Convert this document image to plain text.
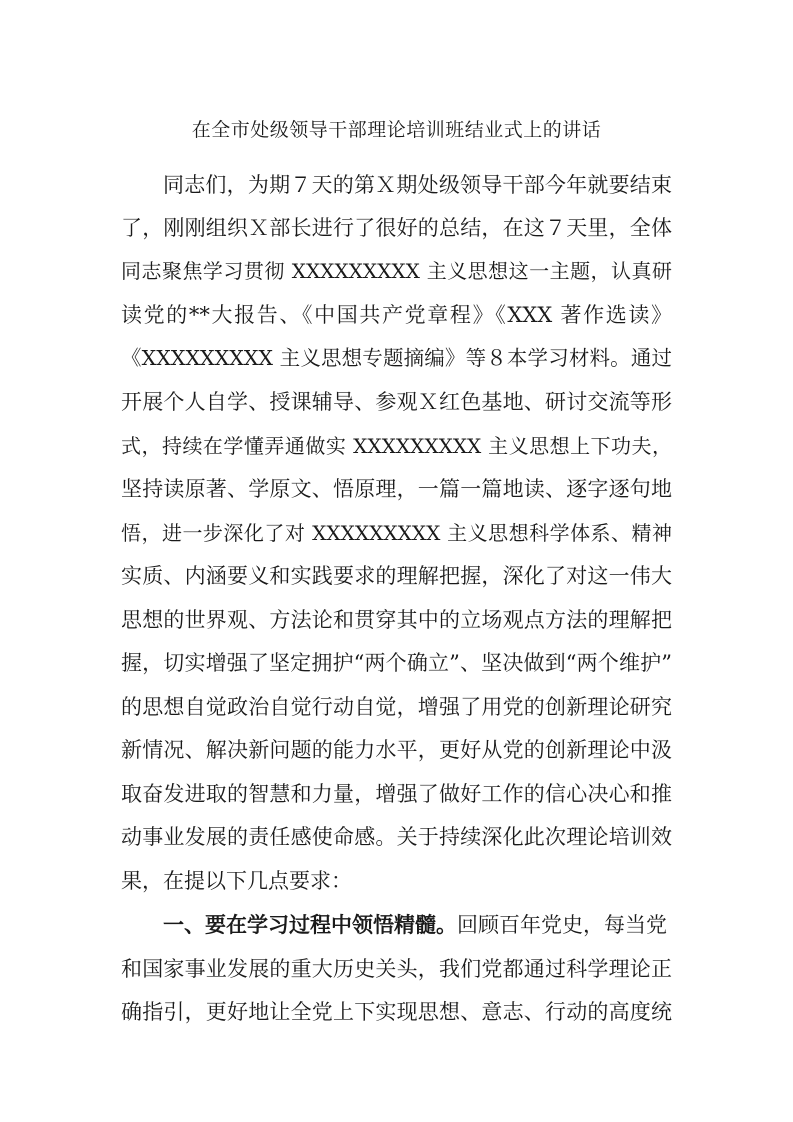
在全市处级领导干部理论培训班结业式上的讲话
同志们，为期７天的第Ｘ期处级领导干部今年就要结束
了，刚刚组织Ｘ部长进行了很好的总结，在这７天里，全体
同志聚焦学习贯彻 XXXXXXXXX 主义思想这一主题，认真研
读党的**大报告、《中国共产党章程》《XXX 著作选读》
《XXXXXXXXX 主义思想专题摘编》等８本学习材料。通过
开展个人自学、授课辅导、参观Ｘ红色基地、研讨交流等形
式，持续在学懂弄通做实 XXXXXXXXX 主义思想上下功夫，
坚持读原著、学原文、悟原理，一篇一篇地读、逐字逐句地
悟，进一步深化了对 XXXXXXXXX 主义思想科学体系、精神
实质、内涵要义和实践要求的理解把握，深化了对这一伟大
思想的世界观、方法论和贯穿其中的立场观点方法的理解把
握，切实增强了坚定拥护“两个确立”、坚决做到“两个维护”
的思想自觉政治自觉行动自觉，增强了用党的创新理论研究
新情况、解决新问题的能力水平，更好从党的创新理论中汲
取奋发进取的智慧和力量，增强了做好工作的信心决心和推
动事业发展的责任感使命感。关于持续深化此次理论培训效
果，在提以下几点要求：
一、要在学习过程中领悟精髓。回顾百年党史，每当党
和国家事业发展的重大历史关头，我们党都通过科学理论正
确指引，更好地让全党上下实现思想、意志、行动的高度统
